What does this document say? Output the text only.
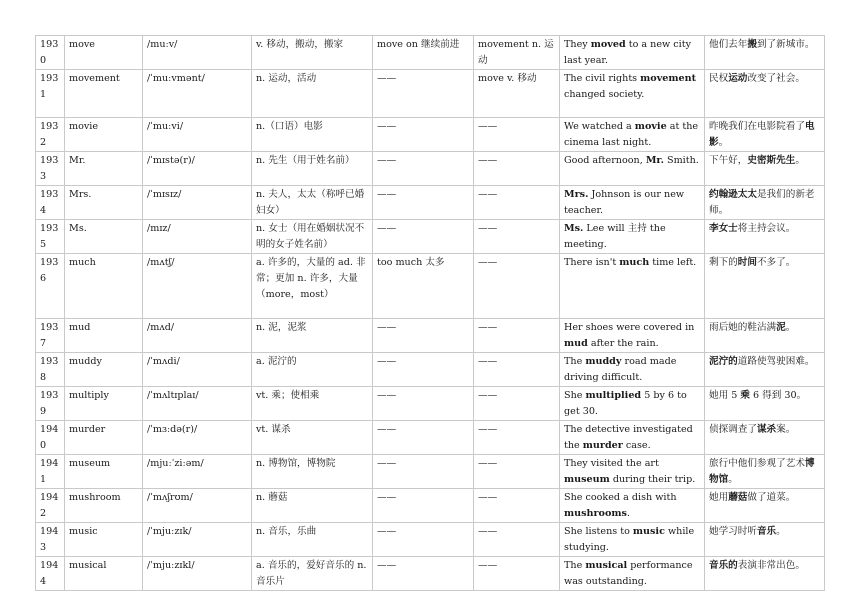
1930	move	/muːv/	v. 移动，搬动，搬家	move on 继续前进	movement n. 运动	They moved to a new city last year.	他们去年搬到了新城市。
1931	movement	/ˈmuːvmənt/	n. 运动，活动	——	move v. 移动	The civil rights movement changed society.	民权运动改变了社会。
1932	movie	/ˈmuːvi/	n.（口语）电影	——	——	We watched a movie at the cinema last night.	昨晚我们在电影院看了电影。
1933	Mr.	/ˈmɪstə(r)/	n. 先生（用于姓名前）	——	——	Good afternoon, Mr. Smith.	下午好，史密斯先生。
1934	Mrs.	/ˈmɪsɪz/	n. 夫人，太太（称呼已婚妇女）	——	——	Mrs. Johnson is our new teacher.	约翰逊太太是我们的新老师。
1935	Ms.	/mɪz/	n. 女士（用在婚姻状况不明的女子姓名前）	——	——	Ms. Lee will 主持 the meeting.	李女士将主持会议。
1936	much	/mʌtʃ/	a. 许多的，大量的 ad. 非常；更加 n. 许多，大量（more，most）	too much 太多	——	There isn't much time left.	剩下的时间不多了。
1937	mud	/mʌd/	n. 泥，泥浆	——	——	Her shoes were covered in mud after the rain.	雨后她的鞋沾满泥。
1938	muddy	/ˈmʌdi/	a. 泥泞的	——	——	The muddy road made driving difficult.	泥泞的道路使驾驶困难。
1939	multiply	/ˈmʌltɪplaɪ/	vt. 乘；使相乘	——	——	She multiplied 5 by 6 to get 30.	她用 5 乘 6 得到 30。
1940	murder	/ˈmɜːdə(r)/	vt. 谋杀	——	——	The detective investigated the murder case.	侦探调查了谋杀案。
1941	museum	/mjuːˈziːəm/	n. 博物馆，博物院	——	——	They visited the art museum during their trip.	旅行中他们参观了艺术博物馆。
1942	mushroom	/ˈmʌʃrʊm/	n. 蘑菇	——	——	She cooked a dish with mushrooms.	她用蘑菇做了道菜。
1943	music	/ˈmjuːzɪk/	n. 音乐，乐曲	——	——	She listens to music while studying.	她学习时听音乐。
1944	musical	/ˈmjuːzɪkl/	a. 音乐的，爱好音乐的 n. 音乐片	——	——	The musical performance was outstanding.	音乐的表演非常出色。
